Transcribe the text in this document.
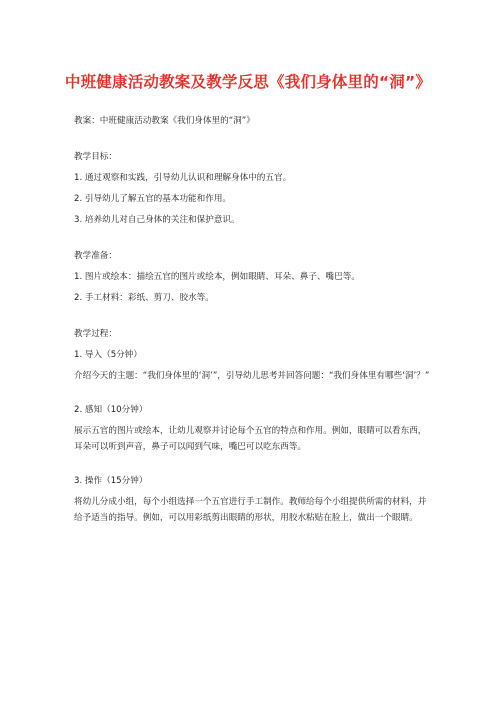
中班健康活动教案及教学反思《我们身体里的“洞”》

教案：中班健康活动教案《我们身体里的“洞”》

教学目标：

1. 通过观察和实践，引导幼儿认识和理解身体中的五官。

2. 引导幼儿了解五官的基本功能和作用。

3. 培养幼儿对自己身体的关注和保护意识。

教学准备：

1. 图片或绘本：描绘五官的图片或绘本，例如眼睛、耳朵、鼻子、嘴巴等。

2. 手工材料：彩纸、剪刀、胶水等。

教学过程：

1. 导入（5分钟）

介绍今天的主题：“我们身体里的‘洞’”，引导幼儿思考并回答问题：“我们身体里有哪些‘洞’？”

2. 感知（10分钟）

展示五官的图片或绘本，让幼儿观察并讨论每个五官的特点和作用。例如，眼睛可以看东西，耳朵可以听到声音，鼻子可以闻到气味，嘴巴可以吃东西等。

3. 操作（15分钟）

将幼儿分成小组，每个小组选择一个五官进行手工制作。教师给每个小组提供所需的材料，并给予适当的指导。例如，可以用彩纸剪出眼睛的形状，用胶水粘贴在脸上，做出一个眼睛。
